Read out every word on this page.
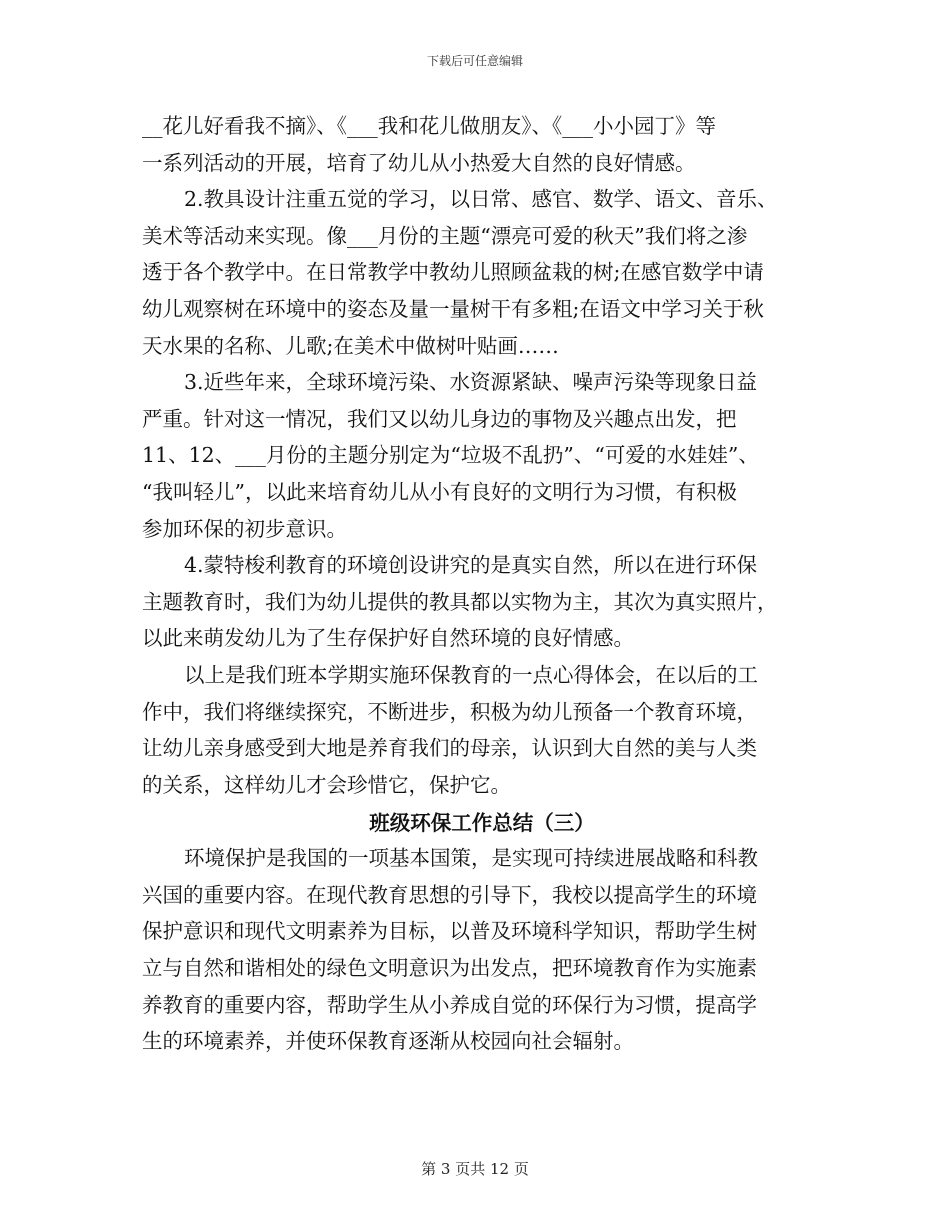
下载后可任意编辑
__花儿好看我不摘》、《___我和花儿做朋友》、《___小小园丁》等
一系列活动的开展，培育了幼儿从小热爱大自然的良好情感。
2.教具设计注重五觉的学习，以日常、感官、数学、语文、音乐、
美术等活动来实现。像___月份的主题“漂亮可爱的秋天”我们将之渗
透于各个教学中。在日常教学中教幼儿照顾盆栽的树;在感官数学中请
幼儿观察树在环境中的姿态及量一量树干有多粗;在语文中学习关于秋
天水果的名称、儿歌;在美术中做树叶贴画……
3.近些年来，全球环境污染、水资源紧缺、噪声污染等现象日益
严重。针对这一情况，我们又以幼儿身边的事物及兴趣点出发，把
11、12、___月份的主题分别定为“垃圾不乱扔”、“可爱的水娃娃”、
“我叫轻儿”，以此来培育幼儿从小有良好的文明行为习惯，有积极
参加环保的初步意识。
4.蒙特梭利教育的环境创设讲究的是真实自然，所以在进行环保
主题教育时，我们为幼儿提供的教具都以实物为主，其次为真实照片，
以此来萌发幼儿为了生存保护好自然环境的良好情感。
以上是我们班本学期实施环保教育的一点心得体会，在以后的工
作中，我们将继续探究，不断进步，积极为幼儿预备一个教育环境，
让幼儿亲身感受到大地是养育我们的母亲，认识到大自然的美与人类
的关系，这样幼儿才会珍惜它，保护它。
班级环保工作总结（三）
环境保护是我国的一项基本国策，是实现可持续进展战略和科教
兴国的重要内容。在现代教育思想的引导下，我校以提高学生的环境
保护意识和现代文明素养为目标，以普及环境科学知识，帮助学生树
立与自然和谐相处的绿色文明意识为出发点，把环境教育作为实施素
养教育的重要内容，帮助学生从小养成自觉的环保行为习惯，提高学
生的环境素养，并使环保教育逐渐从校园向社会辐射。
第 3 页共 12 页
